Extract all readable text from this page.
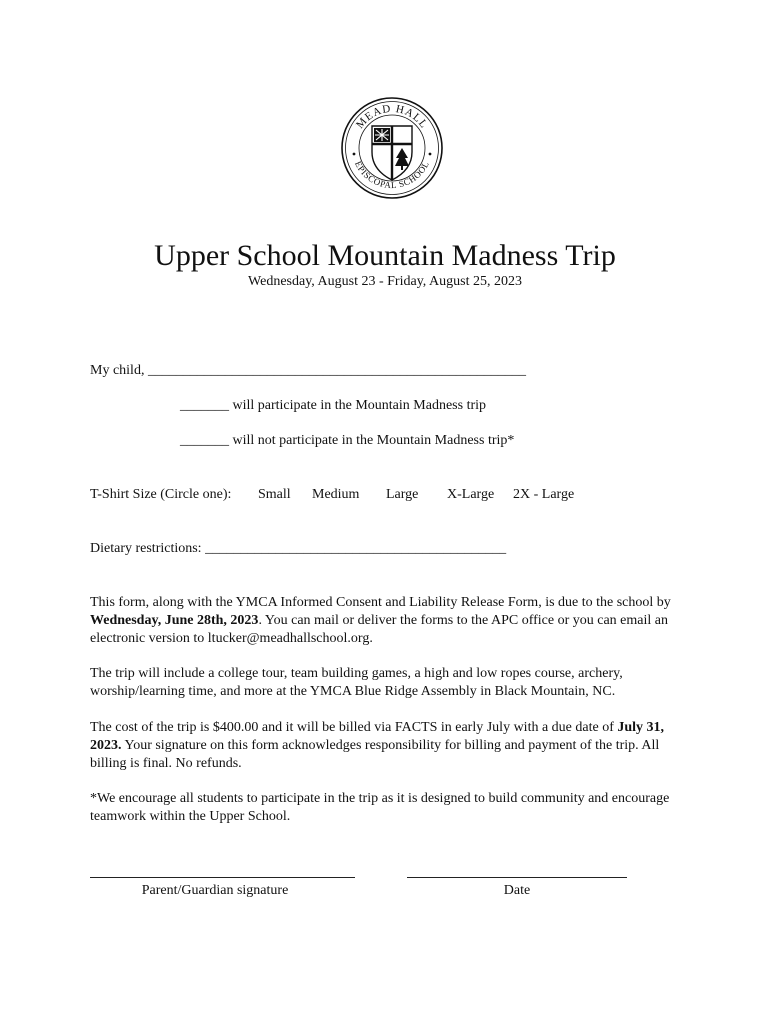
MEAD HALL
EPISCOPAL SCHOOL
Upper School Mountain Madness Trip
Wednesday, August 23 - Friday, August 25, 2023
My child, ______________________________________________________
_______ will participate in the Mountain Madness trip
_______ will not participate in the Mountain Madness trip*
T-Shirt Size (Circle one): Small Medium Large X-Large 2X - Large
Dietary restrictions: ___________________________________________
This form, along with the YMCA Informed Consent and Liability Release Form, is due to the school by Wednesday, June 28th, 2023. You can mail or deliver the forms to the APC office or you can email an electronic version to ltucker@meadhallschool.org.
The trip will include a college tour, team building games, a high and low ropes course, archery, worship/learning time, and more at the YMCA Blue Ridge Assembly in Black Mountain, NC.
The cost of the trip is $400.00 and it will be billed via FACTS in early July with a due date of July 31, 2023. Your signature on this form acknowledges responsibility for billing and payment of the trip. All billing is final. No refunds.
*We encourage all students to participate in the trip as it is designed to build community and encourage teamwork within the Upper School.
Parent/Guardian signature	Date
